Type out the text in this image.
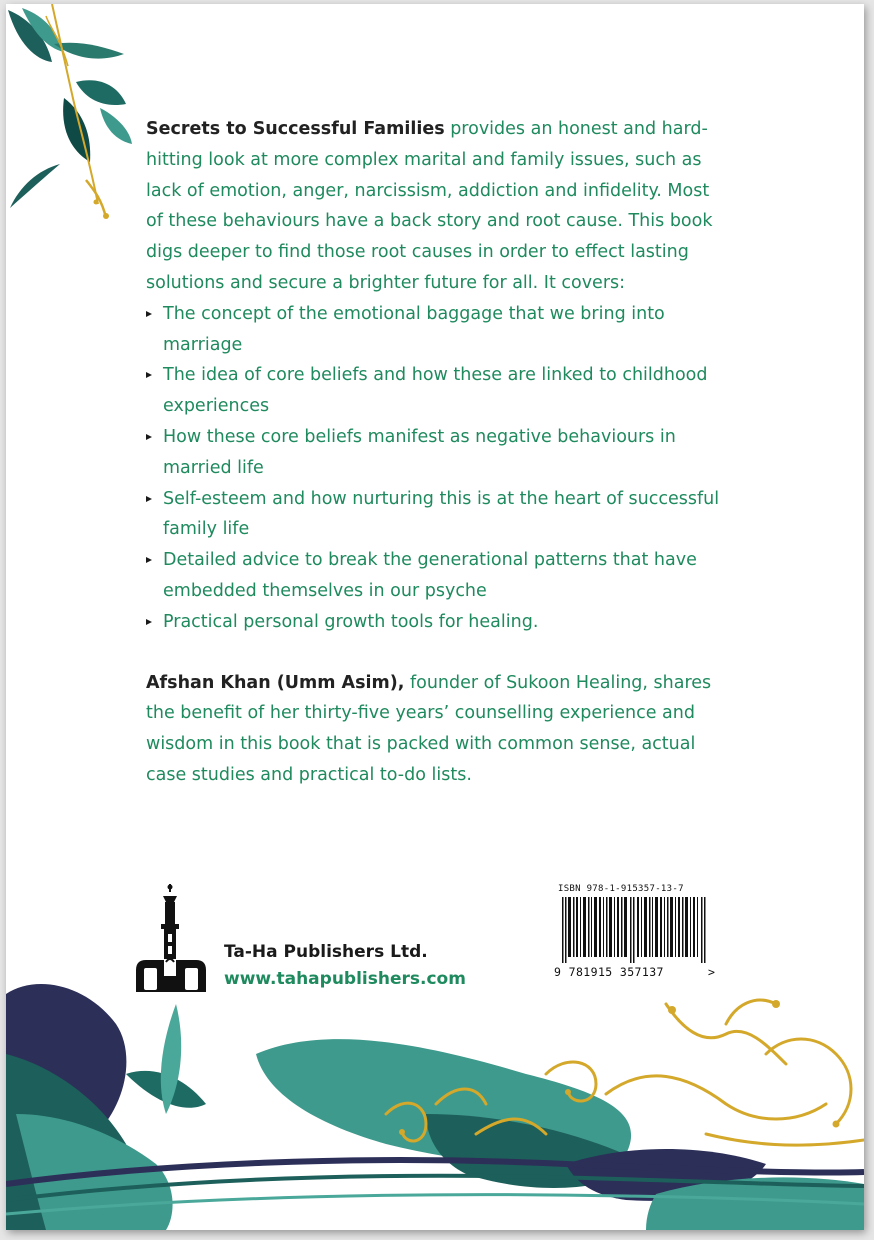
Secrets to Successful Families provides an honest and hard-hitting look at more complex marital and family issues, such as lack of emotion, anger, narcissism, addiction and infidelity. Most of these behaviours have a back story and root cause. This book digs deeper to find those root causes in order to effect lasting solutions and secure a brighter future for all. It covers:

The concept of the emotional baggage that we bring into marriage
The idea of core beliefs and how these are linked to childhood experiences
How these core beliefs manifest as negative behaviours in married life
Self-esteem and how nurturing this is at the heart of successful family life
Detailed advice to break the generational patterns that have embedded themselves in our psyche
Practical personal growth tools for healing.

Afshan Khan (Umm Asim), founder of Sukoon Healing, shares the benefit of her thirty-five years’ counselling experience and wisdom in this book that is packed with common sense, actual case studies and practical to-do lists.

Ta-Ha Publishers Ltd.
www.tahapublishers.com
ISBN 978-1-915357-13-7
9 781915 357137	>
